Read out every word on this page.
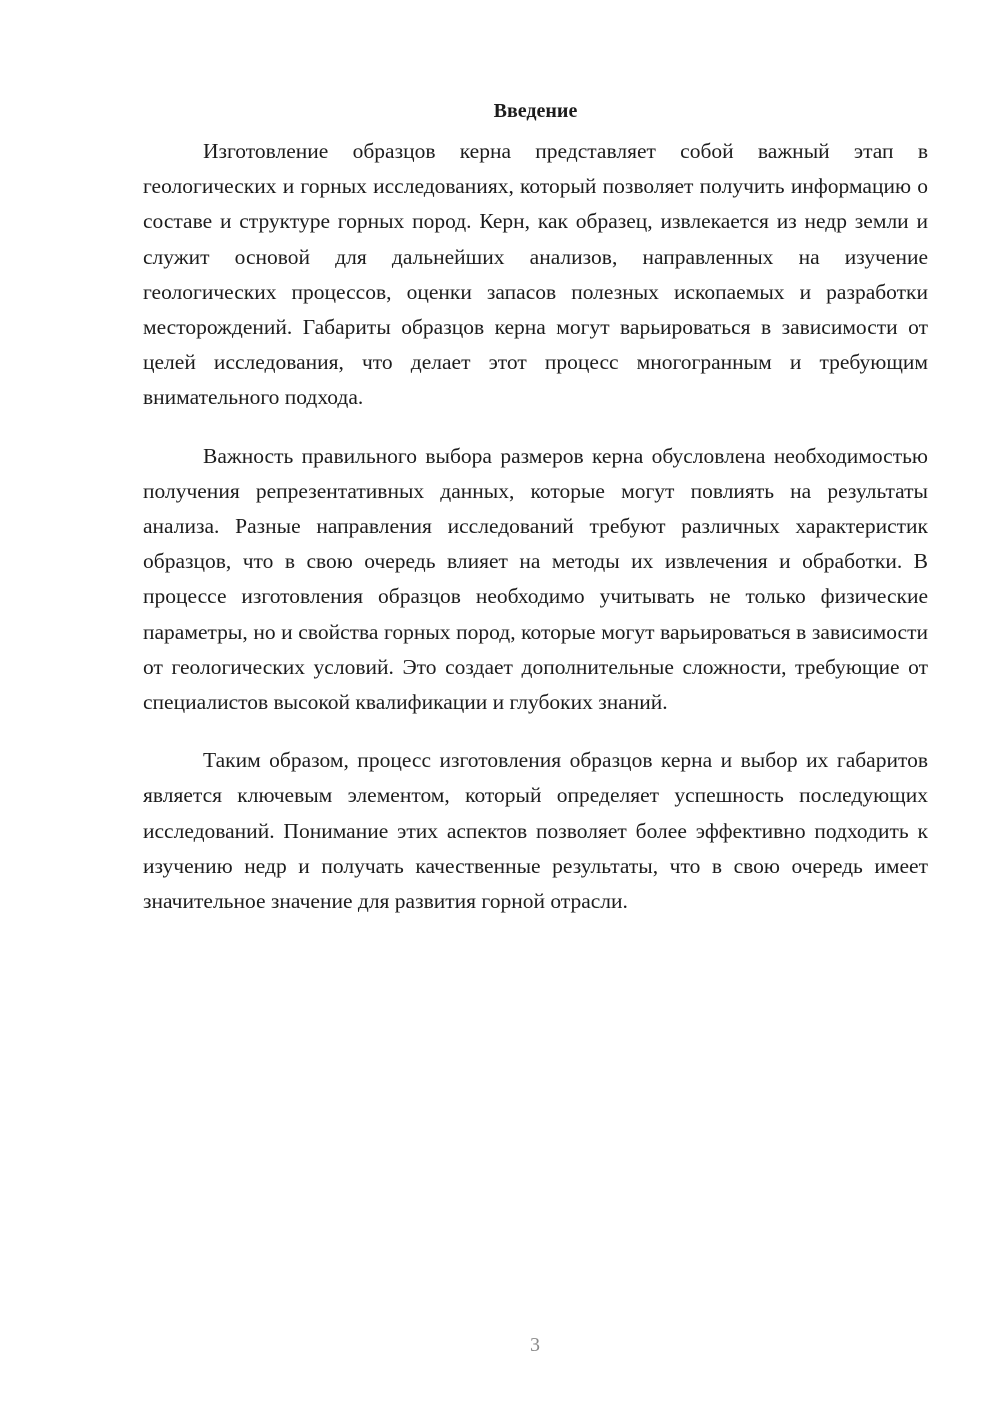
Введение

Изготовление образцов керна представляет собой важный этап в геологических и горных исследованиях, который позволяет получить информацию о составе и структуре горных пород. Керн, как образец, извлекается из недр земли и служит основой для дальнейших анализов, направленных на изучение геологических процессов, оценки запасов полезных ископаемых и разработки месторождений. Габариты образцов керна могут варьироваться в зависимости от целей исследования, что делает этот процесс многогранным и требующим внимательного подхода.

Важность правильного выбора размеров керна обусловлена необходимостью получения репрезентативных данных, которые могут повлиять на результаты анализа. Разные направления исследований требуют различных характеристик образцов, что в свою очередь влияет на методы их извлечения и обработки. В процессе изготовления образцов необходимо учитывать не только физические параметры, но и свойства горных пород, которые могут варьироваться в зависимости от геологических условий. Это создает дополнительные сложности, требующие от специалистов высокой квалификации и глубоких знаний.

Таким образом, процесс изготовления образцов керна и выбор их габаритов является ключевым элементом, который определяет успешность последующих исследований. Понимание этих аспектов позволяет более эффективно подходить к изучению недр и получать качественные результаты, что в свою очередь имеет значительное значение для развития горной отрасли.

3
